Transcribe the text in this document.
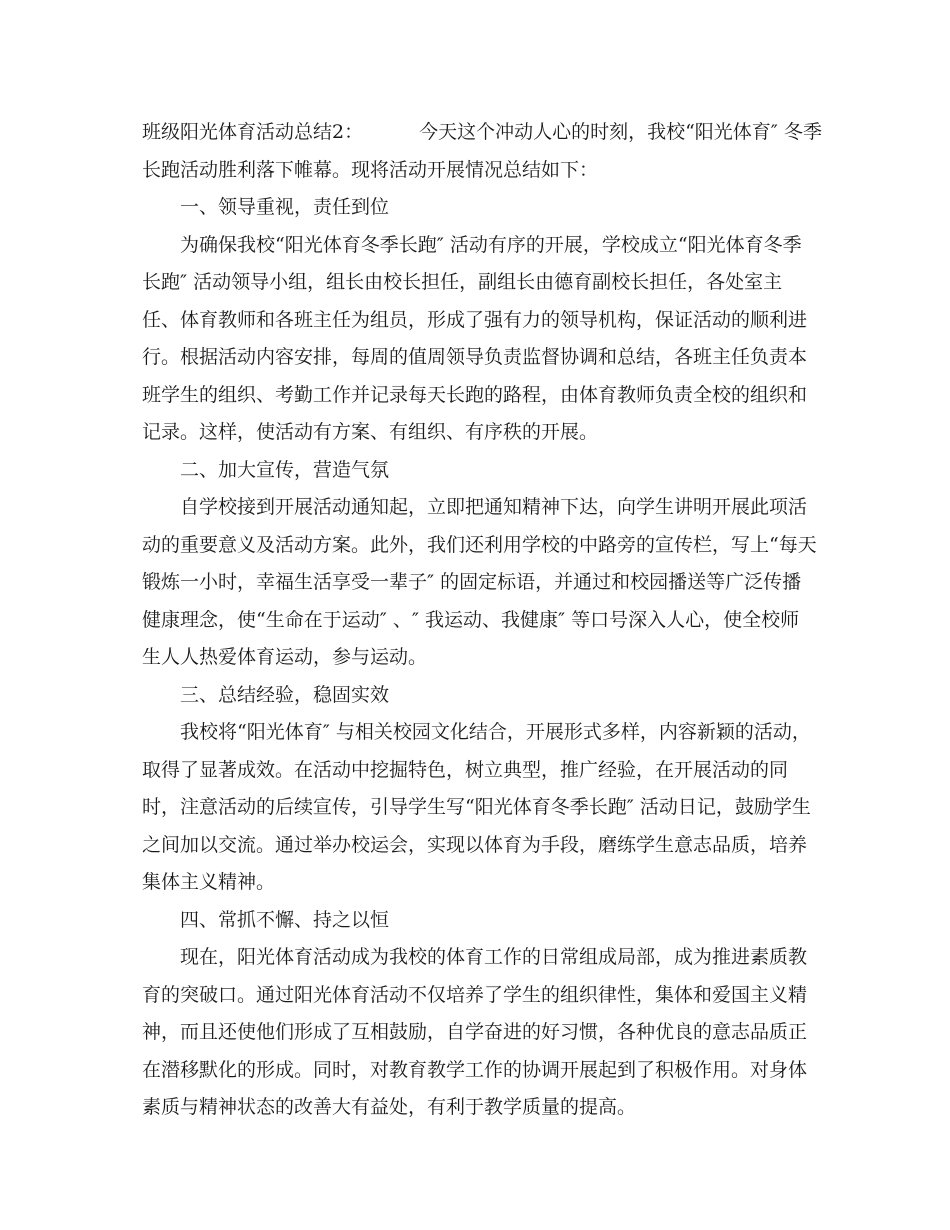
班级阳光体育活动总结2：	今天这个冲动人心的时刻，我校“阳光体育″ 冬季
长跑活动胜利落下帷幕。现将活动开展情况总结如下：
一、领导重视，责任到位
为确保我校“阳光体育冬季长跑″ 活动有序的开展，学校成立“阳光体育冬季
长跑″ 活动领导小组，组长由校长担任，副组长由德育副校长担任，各处室主
任、体育教师和各班主任为组员，形成了强有力的领导机构，保证活动的顺利进
行。根据活动内容安排，每周的值周领导负责监督协调和总结，各班主任负责本
班学生的组织、考勤工作并记录每天长跑的路程，由体育教师负责全校的组织和
记录。这样，使活动有方案、有组织、有序秩的开展。
二、加大宣传，营造气氛
自学校接到开展活动通知起，立即把通知精神下达，向学生讲明开展此项活
动的重要意义及活动方案。此外，我们还利用学校的中路旁的宣传栏，写上“每天
锻炼一小时，幸福生活享受一辈子″ 的固定标语，并通过和校园播送等广泛传播
健康理念，使“生命在于运动″ 、″ 我运动、我健康″ 等口号深入人心，使全校师
生人人热爱体育运动，参与运动。
三、总结经验，稳固实效
我校将“阳光体育″ 与相关校园文化结合，开展形式多样，内容新颖的活动，
取得了显著成效。在活动中挖掘特色，树立典型，推广经验，在开展活动的同
时，注意活动的后续宣传，引导学生写“阳光体育冬季长跑″ 活动日记，鼓励学生
之间加以交流。通过举办校运会，实现以体育为手段，磨练学生意志品质，培养
集体主义精神。
四、常抓不懈、持之以恒
现在，阳光体育活动成为我校的体育工作的日常组成局部，成为推进素质教
育的突破口。通过阳光体育活动不仅培养了学生的组织律性，集体和爱国主义精
神，而且还使他们形成了互相鼓励，自学奋进的好习惯，各种优良的意志品质正
在潜移默化的形成。同时，对教育教学工作的协调开展起到了积极作用。对身体
素质与精神状态的改善大有益处，有利于教学质量的提高。
